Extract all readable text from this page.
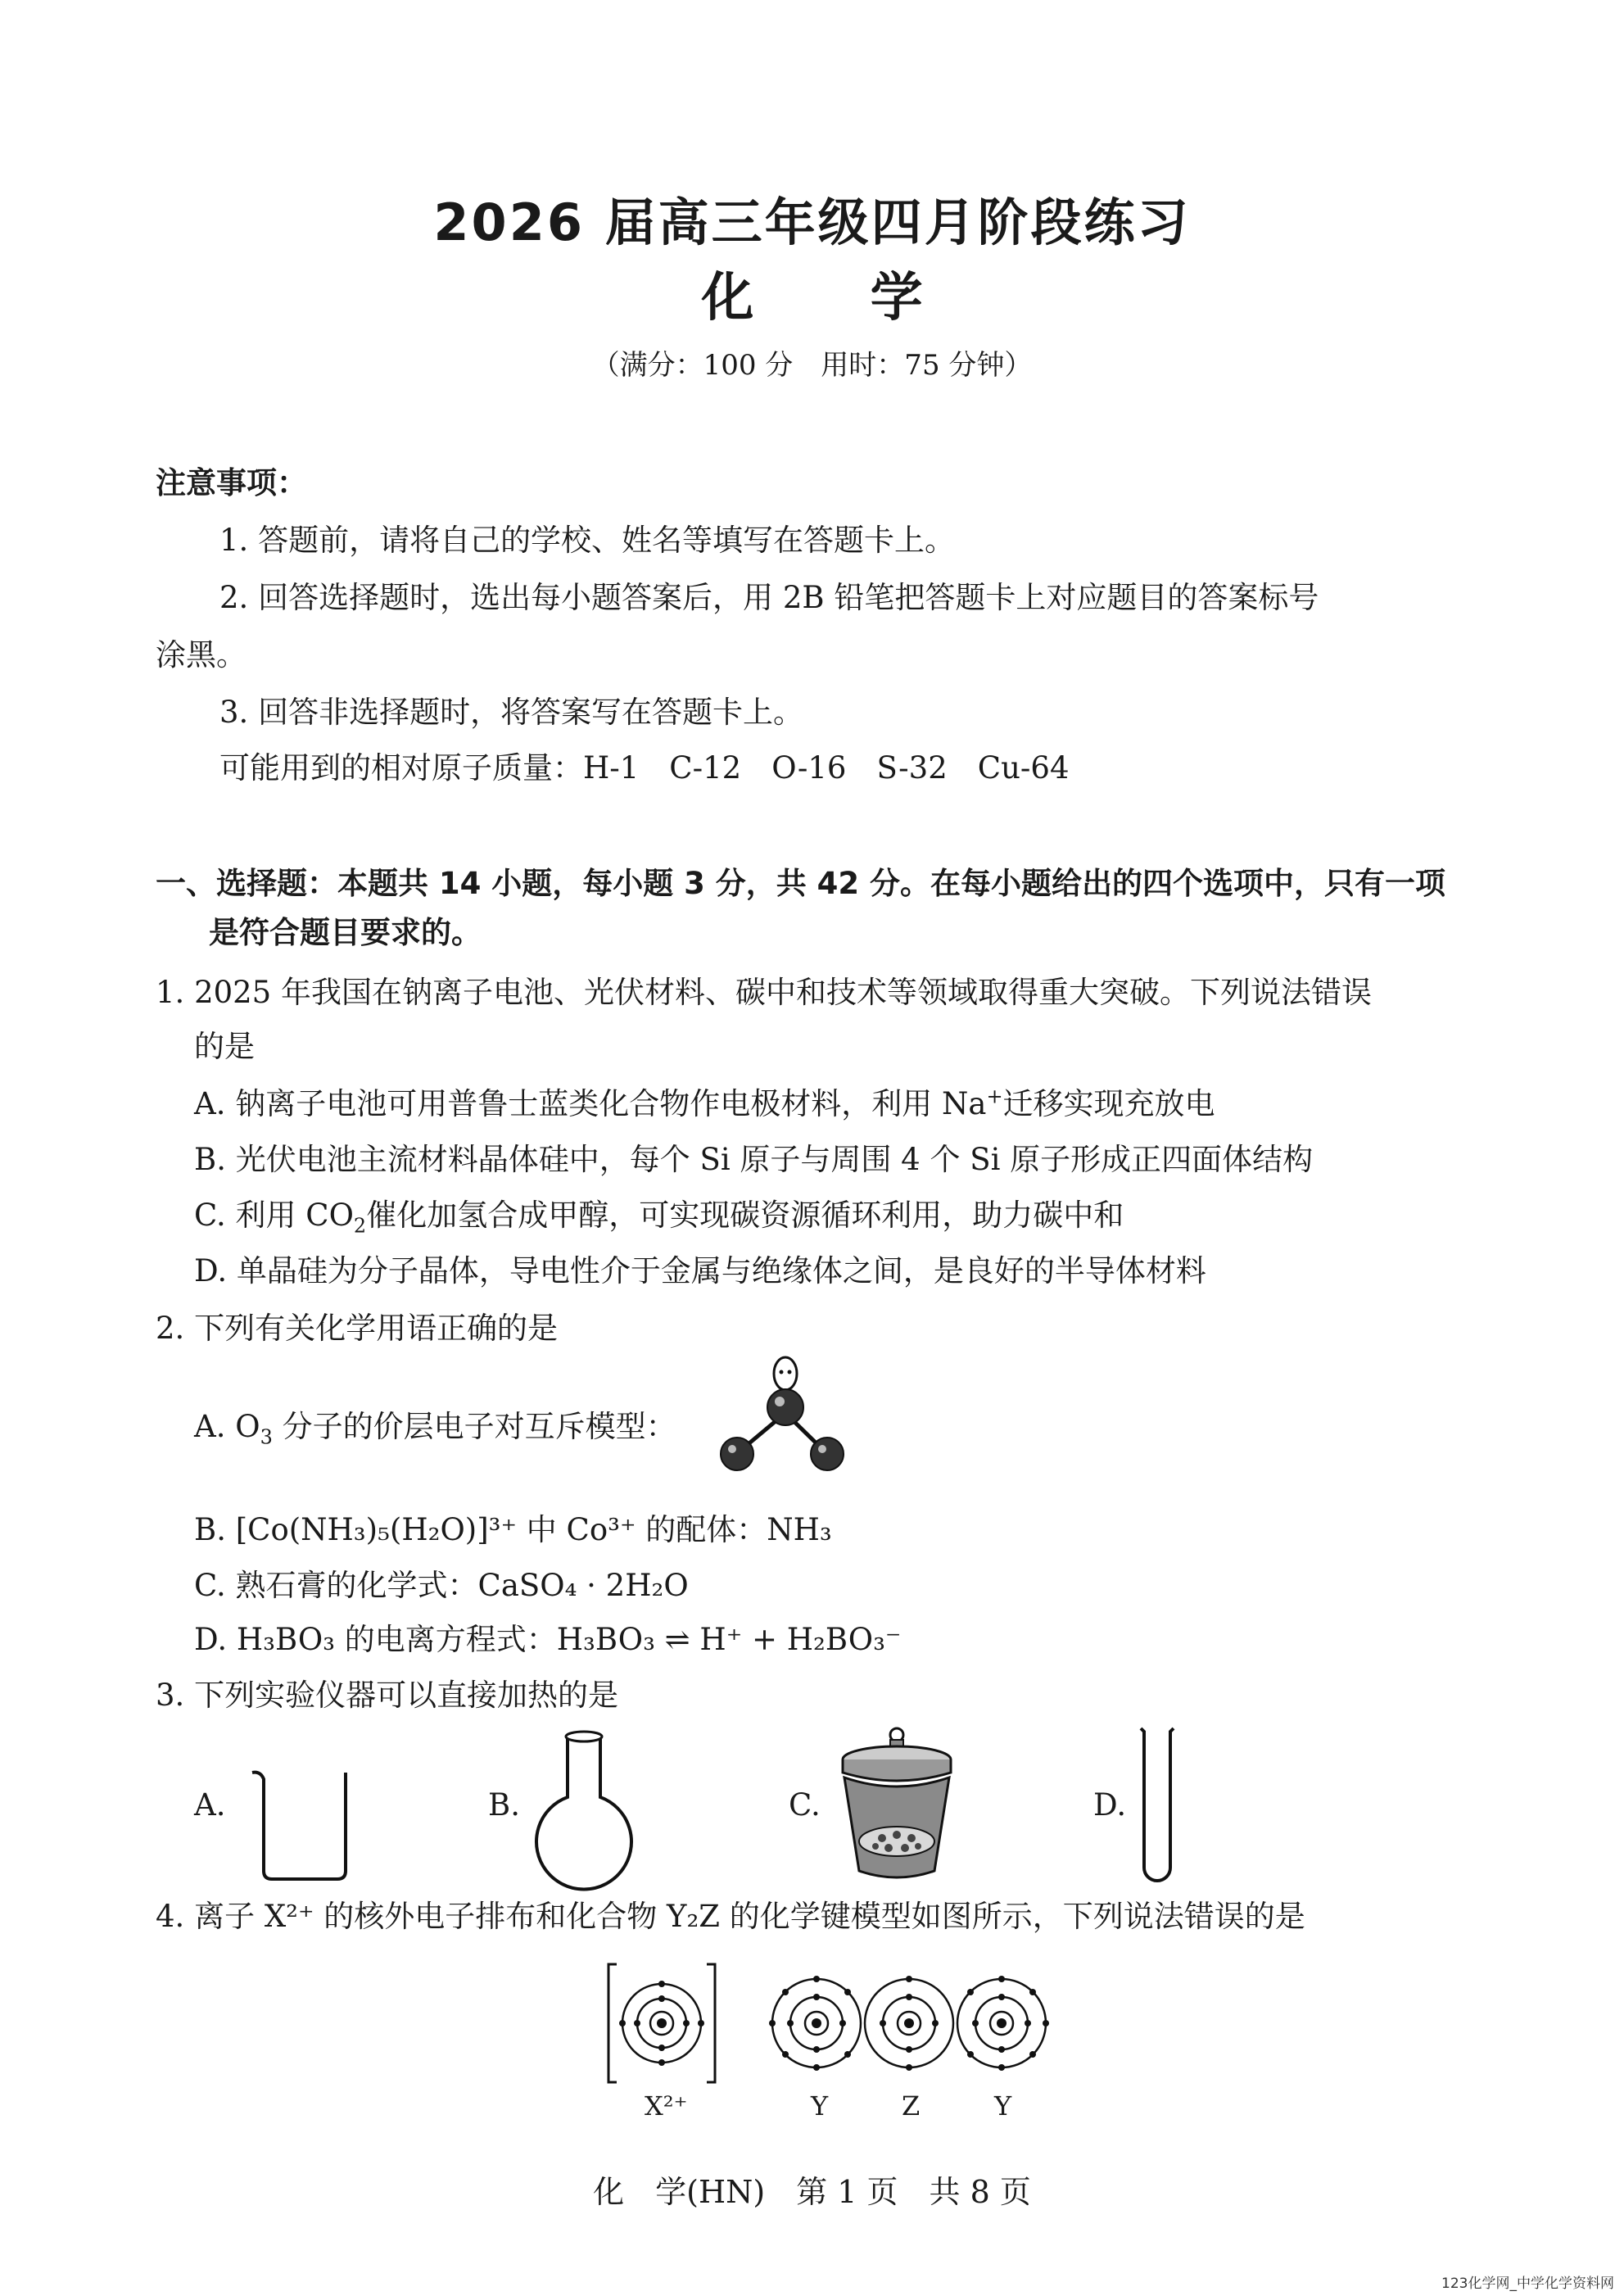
2026 届高三年级四月阶段练习
化 学
（满分：100 分　用时：75 分钟）
注意事项：
1. 答题前，请将自己的学校、姓名等填写在答题卡上。
2. 回答选择题时，选出每小题答案后，用 2B 铅笔把答题卡上对应题目的答案标号
涂黑。
3. 回答非选择题时，将答案写在答题卡上。
可能用到的相对原子质量：H-1　C-12　O-16　S-32　Cu-64
一、选择题：本题共 14 小题，每小题 3 分，共 42 分。在每小题给出的四个选项中，只有一项
是符合题目要求的。
1. 2025 年我国在钠离子电池、光伏材料、碳中和技术等领域取得重大突破。下列说法错误
的是
A. 钠离子电池可用普鲁士蓝类化合物作电极材料，利用 Na+迁移实现充放电
B. 光伏电池主流材料晶体硅中，每个 Si 原子与周围 4 个 Si 原子形成正四面体结构
C. 利用 $CO_2$催化加氢合成甲醇，可实现碳资源循环利用，助力碳中和
D. 单晶硅为分子晶体，导电性介于金属与绝缘体之间，是良好的半导体材料
2. 下列有关化学用语正确的是
A. $O_3$ 分子的价层电子对互斥模型：
B. [Co(NH₃)₅(H₂O)]³⁺ 中 Co³⁺ 的配体：NH₃
C. 熟石膏的化学式：CaSO₄ · 2H₂O
D. H₃BO₃ 的电离方程式：H₃BO₃ ⇌ H⁺ + H₂BO₃⁻
3. 下列实验仪器可以直接加热的是
A.	B.	C.	D.
4. 离子 X²⁺ 的核外电子排布和化合物 Y₂Z 的化学键模型如图所示，下列说法错误的是
X²⁺	Y	Z	Y
化　学(HN)　第 1 页　共 8 页
123化学网_中学化学资料网
